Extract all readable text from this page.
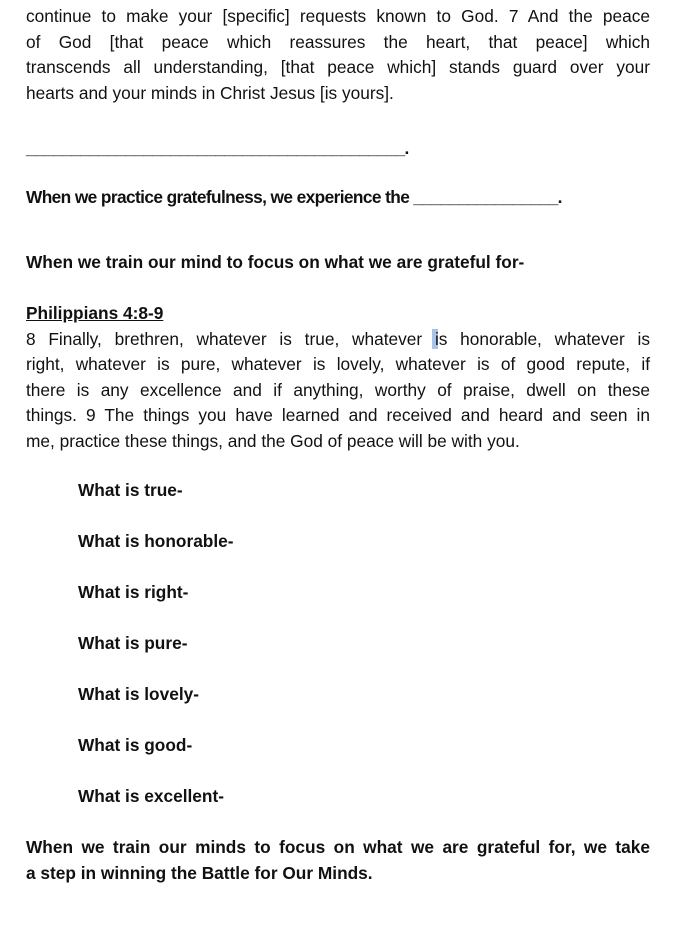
continue to make your [specific] requests known to God. 7 And the peace
of God [that peace which reassures the heart, that peace] which
transcends all understanding, [that peace which] stands guard over your
hearts and your minds in Christ Jesus [is yours].

__________________________________________.

When we practice gratefulness, we experience the ________________.

When we train our mind to focus on what we are grateful for-

Philippians 4:8-9

8 Finally, brethren, whatever is true, whatever is honorable, whatever is
right, whatever is pure, whatever is lovely, whatever is of good repute, if
there is any excellence and if anything, worthy of praise, dwell on these
things. 9 The things you have learned and received and heard and seen in
me, practice these things, and the God of peace will be with you.

What is true-

What is honorable-

What is right-

What is pure-

What is lovely-

What is good-

What is excellent-

When we train our minds to focus on what we are grateful for, we take
a step in winning the Battle for Our Minds.
